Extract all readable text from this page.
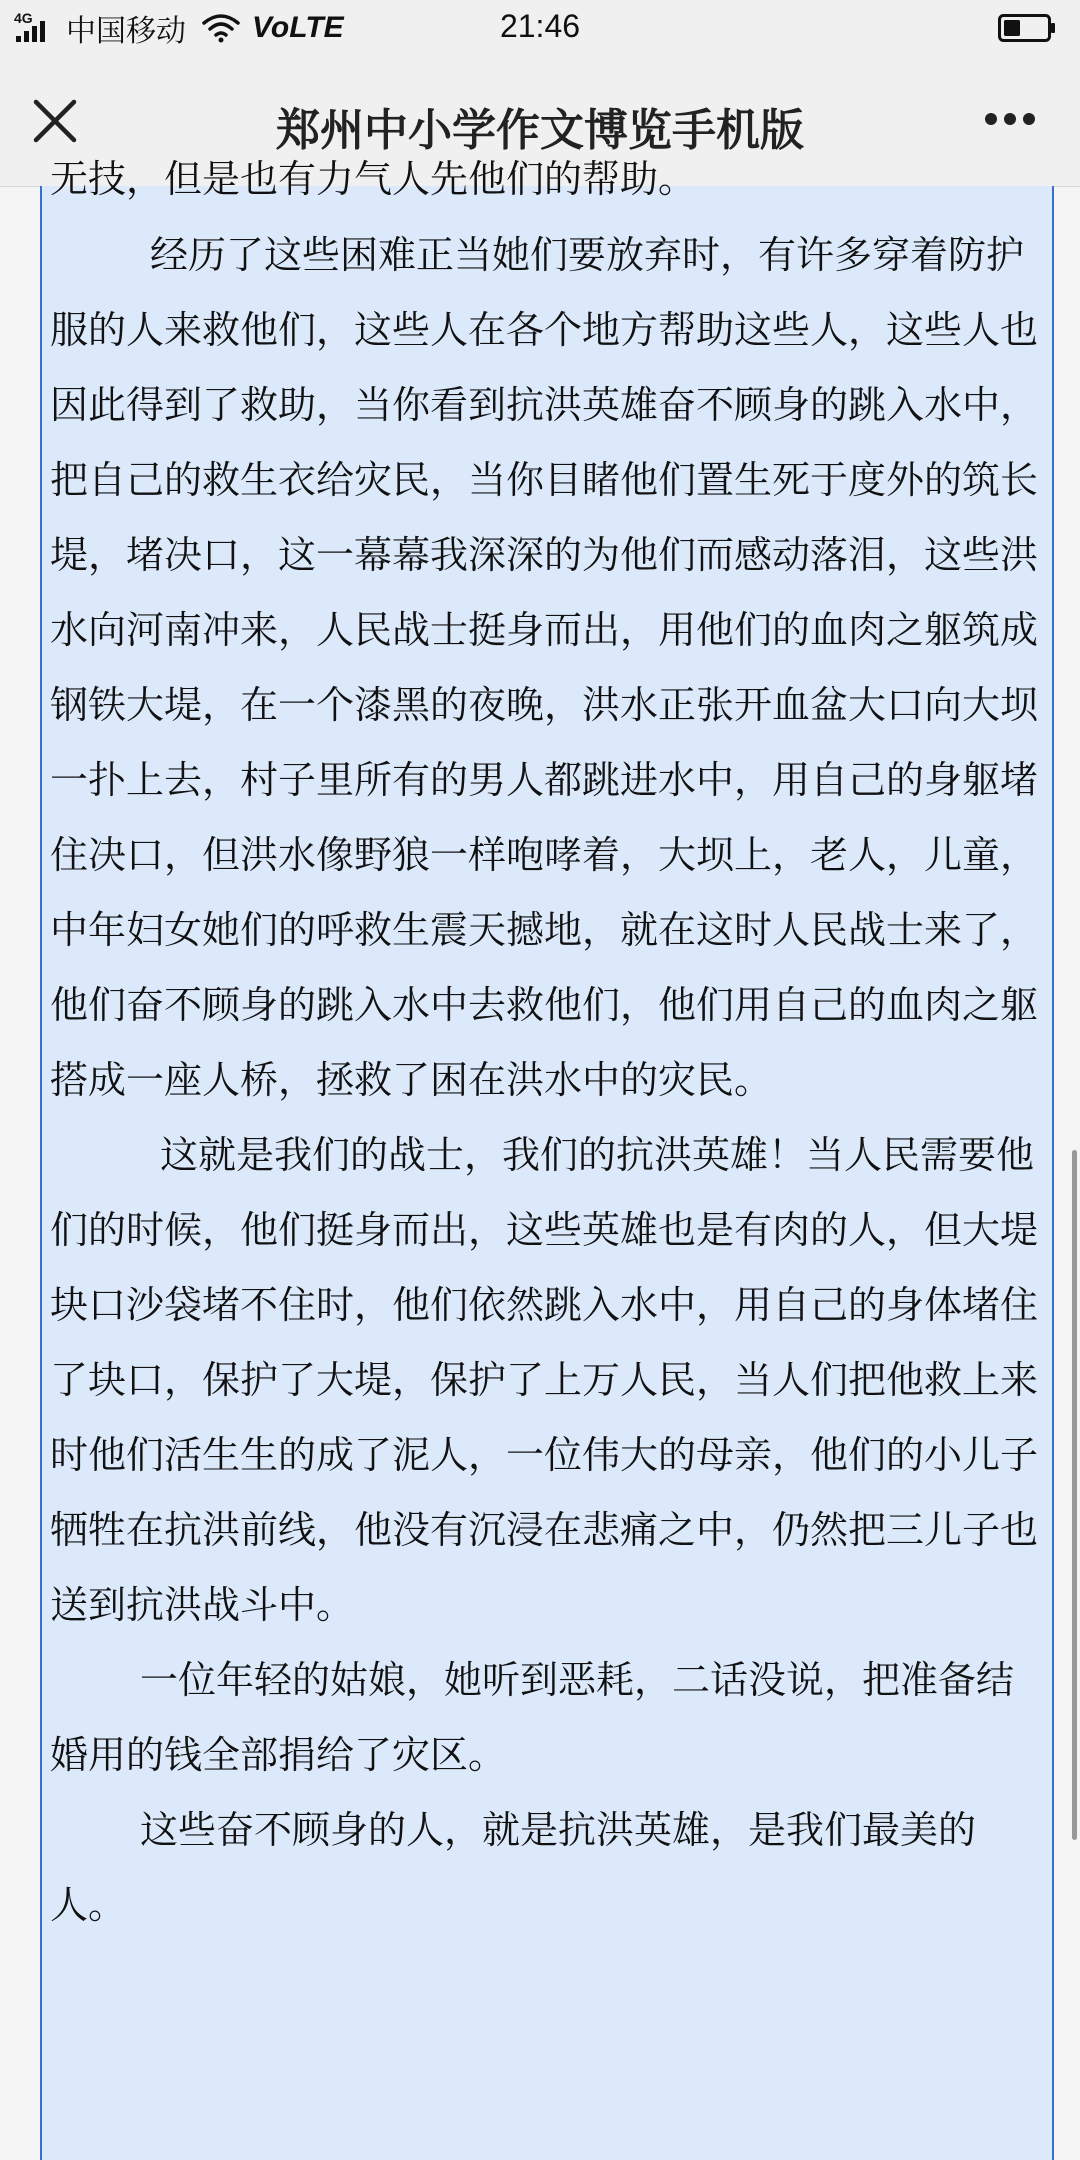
4G 中国移动 VoLTE	21:46
郑州中小学作文博览手机版
无技，但是也有力气人先他们的帮助。

经历了这些困难正当她们要放弃时，有许多穿着防护服的人来救他们，这些人在各个地方帮助这些人，这些人也因此得到了救助，当你看到抗洪英雄奋不顾身的跳入水中，把自己的救生衣给灾民，当你目睹他们置生死于度外的筑长堤，堵决口，这一幕幕我深深的为他们而感动落泪，这些洪水向河南冲来，人民战士挺身而出，用他们的血肉之躯筑成钢铁大堤，在一个漆黑的夜晚，洪水正张开血盆大口向大坝一扑上去，村子里所有的男人都跳进水中，用自己的身躯堵住决口，但洪水像野狼一样咆哮着，大坝上，老人，儿童，中年妇女她们的呼救生震天撼地，就在这时人民战士来了，他们奋不顾身的跳入水中去救他们，他们用自己的血肉之躯搭成一座人桥，拯救了困在洪水中的灾民。

这就是我们的战士，我们的抗洪英雄！当人民需要他们的时候，他们挺身而出，这些英雄也是有肉的人，但大堤块口沙袋堵不住时，他们依然跳入水中，用自己的身体堵住了块口，保护了大堤，保护了上万人民，当人们把他救上来时他们活生生的成了泥人，一位伟大的母亲，他们的小儿子牺牲在抗洪前线，他没有沉浸在悲痛之中，仍然把三儿子也送到抗洪战斗中。

一位年轻的姑娘，她听到恶耗，二话没说，把准备结婚用的钱全部捐给了灾区。

这些奋不顾身的人，就是抗洪英雄，是我们最美的人。
